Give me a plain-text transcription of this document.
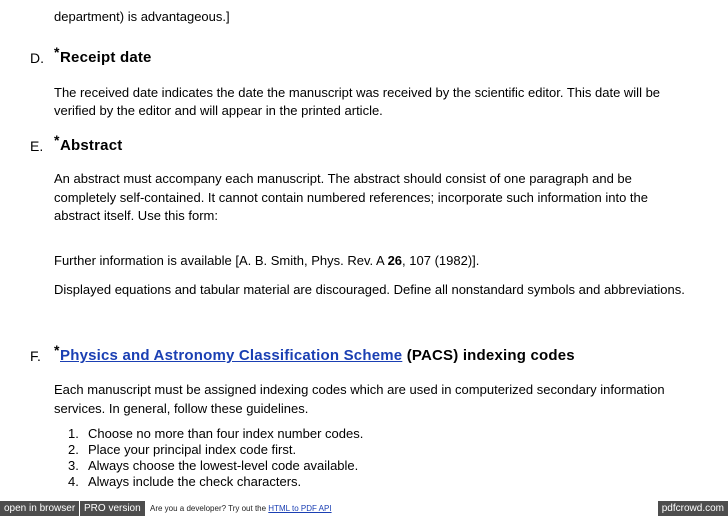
department) is advantageous.]

D. * Receipt date

The received date indicates the date the manuscript was received by the scientific editor. This date will be

verified by the editor and will appear in the printed article.

E. * Abstract

An abstract must accompany each manuscript. The abstract should consist of one paragraph and be

completely self-contained. It cannot contain numbered references; incorporate such information into the

abstract itself. Use this form:

Further information is available [A. B. Smith, Phys. Rev. A 26, 107 (1982)].

Displayed equations and tabular material are discouraged. Define all nonstandard symbols and abbreviations.

F. * Physics and Astronomy Classification Scheme (PACS) indexing codes

Each manuscript must be assigned indexing codes which are used in computerized secondary information

services. In general, follow these guidelines.

1. Choose no more than four index number codes.
2. Place your principal index code first.
3. Always choose the lowest-level code available.
4. Always include the check characters.
open in browser PRO version	Are you a developer? Try out the HTML to PDF API	pdfcrowd.com
